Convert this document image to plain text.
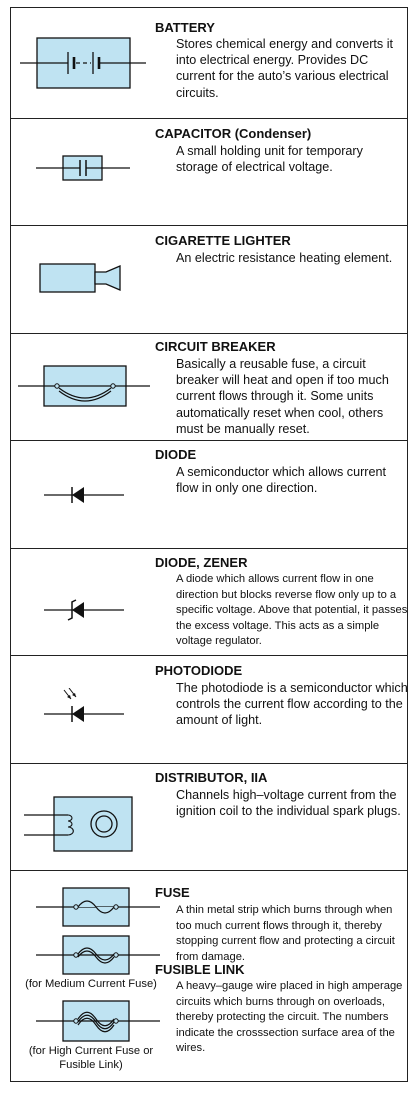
BATTERY
Stores chemical energy and converts it into electrical energy. Provides DC current for the auto’s various electrical circuits.
CAPACITOR (Condenser)
A small holding unit for temporary storage of electrical voltage.
CIGARETTE LIGHTER
An electric resistance heating element.
CIRCUIT BREAKER
Basically a reusable fuse, a circuit breaker will heat and open if too much current flows through it. Some units automatically reset when cool, others must be manually reset.
DIODE
A semiconductor which allows current flow in only one direction.
DIODE, ZENER
A diode which allows current flow in one direction but blocks reverse flow only up to a specific voltage. Above that potential, it passes the excess voltage. This acts as a simple voltage regulator.
PHOTODIODE
The photodiode is a semiconductor which controls the current flow according to the amount of light.
DISTRIBUTOR, IIA
Channels high–voltage current from the ignition coil to the individual spark plugs.
FUSE
A thin metal strip which burns through when too much current flows through it, thereby stopping current flow and protecting a circuit from damage.
(for Medium Current Fuse)
FUSIBLE LINK
A heavy–gauge wire placed in high amperage circuits which burns through on overloads, thereby protecting the circuit. The numbers indicate the crosssection surface area of the wires.
(for High Current Fuse or Fusible Link)
